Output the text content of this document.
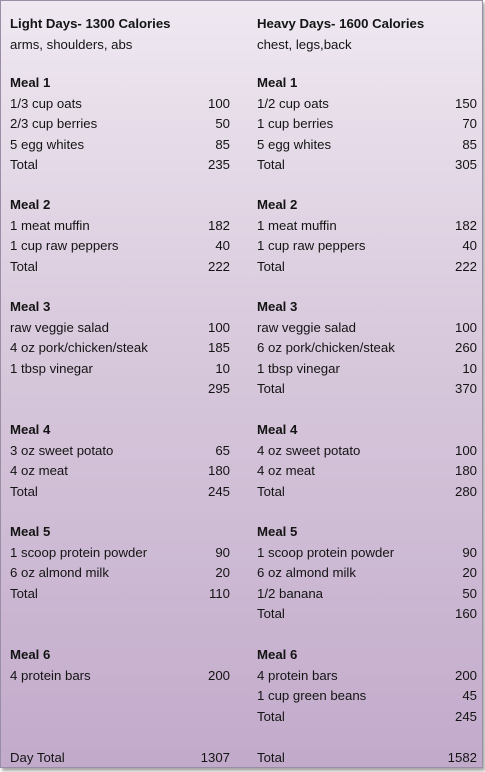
Light Days- 1300 Calories
arms, shoulders, abs
Meal 1
1/3 cup oats	100
2/3 cup berries	50
5 egg whites	85
Total	235
Meal 2
1 meat muffin	182
1 cup raw peppers	40
Total	222
Meal 3
raw veggie salad	100
4 oz pork/chicken/steak	185
1 tbsp vinegar	10
295
Meal 4
3 oz sweet potato	65
4 oz meat	180
Total	245
Meal 5
1 scoop protein powder	90
6 oz almond milk	20
Total	110
Meal 6
4 protein bars	200
Day Total	1307
Heavy Days- 1600 Calories
chest, legs,back
Meal 1
1/2 cup oats	150
1 cup berries	70
5 egg whites	85
Total	305
Meal 2
1 meat muffin	182
1 cup raw peppers	40
Total	222
Meal 3
raw veggie salad	100
6 oz pork/chicken/steak	260
1 tbsp vinegar	10
Total	370
Meal 4
4 oz sweet potato	100
4 oz meat	180
Total	280
Meal 5
1 scoop protein powder	90
6 oz almond milk	20
1/2 banana	50
Total	160
Meal 6
4 protein bars	200
1 cup green beans	45
Total	245
Total	1582
